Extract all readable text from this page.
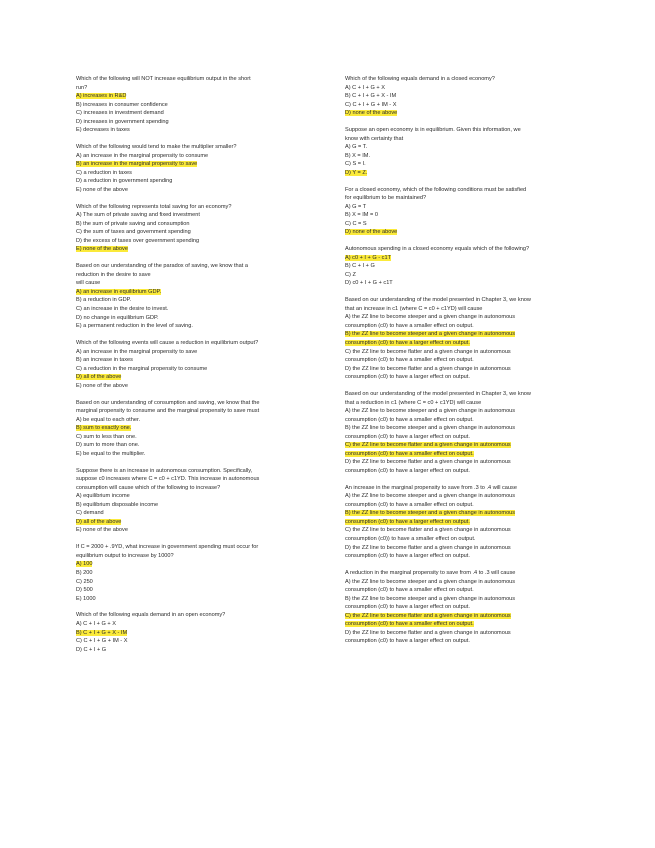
Which of the following will NOT increase equilibrium output in the short
run?
A) increases in R&D
B) increases in consumer confidence
C) increases in investment demand
D) increases in government spending
E) decreases in taxes
Which of the following would tend to make the multiplier smaller?
A) an increase in the marginal propensity to consume
B) an increase in the marginal propensity to save
C) a reduction in taxes
D) a reduction in government spending
E) none of the above
Which of the following represents total saving for an economy?
A) The sum of private saving and fixed investment
B) the sum of private saving and consumption
C) the sum of taxes and government spending
D) the excess of taxes over government spending
E) none of the above
Based on our understanding of the paradox of saving, we know that a
reduction in the desire to save
will cause
A) an increase in equilibrium GDP.
B) a reduction in GDP.
C) an increase in the desire to invest.
D) no change in equilibrium GDP.
E) a permanent reduction in the level of saving.
Which of the following events will cause a reduction in equilibrium output?
A) an increase in the marginal propensity to save
B) an increase in taxes
C) a reduction in the marginal propensity to consume
D) all of the above
E) none of the above
Based on our understanding of consumption and saving, we know that the
marginal propensity to consume and the marginal propensity to save must
A) be equal to each other.
B) sum to exactly one.
C) sum to less than one.
D) sum to more than one.
E) be equal to the multiplier.
Suppose there is an increase in autonomous consumption. Specifically,
suppose c0 increases where C = c0 + c1YD. This increase in autonomous
consumption will cause which of the following to increase?
A) equilibrium income
B) equilibrium disposable income
C) demand
D) all of the above
E) none of the above
If C = 2000 + .9YD, what increase in government spending must occur for
equilibrium output to increase by 1000?
A) 100
B) 200
C) 250
D) 500
E) 1000
Which of the following equals demand in an open economy?
A) C + I + G + X
B) C + I + G + X - IM
C) C + I + G + IM - X
D) C + I + G
Which of the following equals demand in a closed economy?
A) C + I + G + X
B) C + I + G + X - IM
C) C + I + G + IM - X
D) none of the above
Suppose an open economy is in equilibrium. Given this information, we
know with certainty that
A) G = T.
B) X = IM.
C) S = I.
D) Y = Z.
For a closed economy, which of the following conditions must be satisfied
for equilibrium to be maintained?
A) G = T
B) X = IM = 0
C) C = S
D) none of the above
Autonomous spending in a closed economy equals which of the following?
A) c0 + I + G - c1T
B) C + I + G
C) Z
D) c0 + I + G + c1T
Based on our understanding of the model presented in Chapter 3, we know
that an increase in c1 (where C = c0 + c1YD) will cause
A) the ZZ line to become steeper and a given change in autonomous
consumption (c0) to have a smaller effect on output.
B) the ZZ line to become steeper and a given change in autonomous
consumption (c0) to have a larger effect on output.
C) the ZZ line to become flatter and a given change in autonomous
consumption (c0) to have a smaller effect on output.
D) the ZZ line to become flatter and a given change in autonomous
consumption (c0) to have a larger effect on output.
Based on our understanding of the model presented in Chapter 3, we know
that a reduction in c1 (where C = c0 + c1YD) will cause
A) the ZZ line to become steeper and a given change in autonomous
consumption (c0) to have a smaller effect on output.
B) the ZZ line to become steeper and a given change in autonomous
consumption (c0) to have a larger effect on output.
C) the ZZ line to become flatter and a given change in autonomous
consumption (c0) to have a smaller effect on output.
D) the ZZ line to become flatter and a given change in autonomous
consumption (c0) to have a larger effect on output.
An increase in the marginal propensity to save from .3 to .4 will cause
A) the ZZ line to become steeper and a given change in autonomous
consumption (c0) to have a smaller effect on output.
B) the ZZ line to become steeper and a given change in autonomous
consumption (c0) to have a larger effect on output.
C) the ZZ line to become flatter and a given change in autonomous
consumption (c0)) to have a smaller effect on output.
D) the ZZ line to become flatter and a given change in autonomous
consumption (c0) to have a larger effect on output.
A reduction in the marginal propensity to save from .4 to .3 will cause
A) the ZZ line to become steeper and a given change in autonomous
consumption (c0) to have a smaller effect on output.
B) the ZZ line to become steeper and a given change in autonomous
consumption (c0) to have a larger effect on output.
C) the ZZ line to become flatter and a given change in autonomous
consumption (c0) to have a smaller effect on output.
D) the ZZ line to become flatter and a given change in autonomous
consumption (c0) to have a larger effect on output.
